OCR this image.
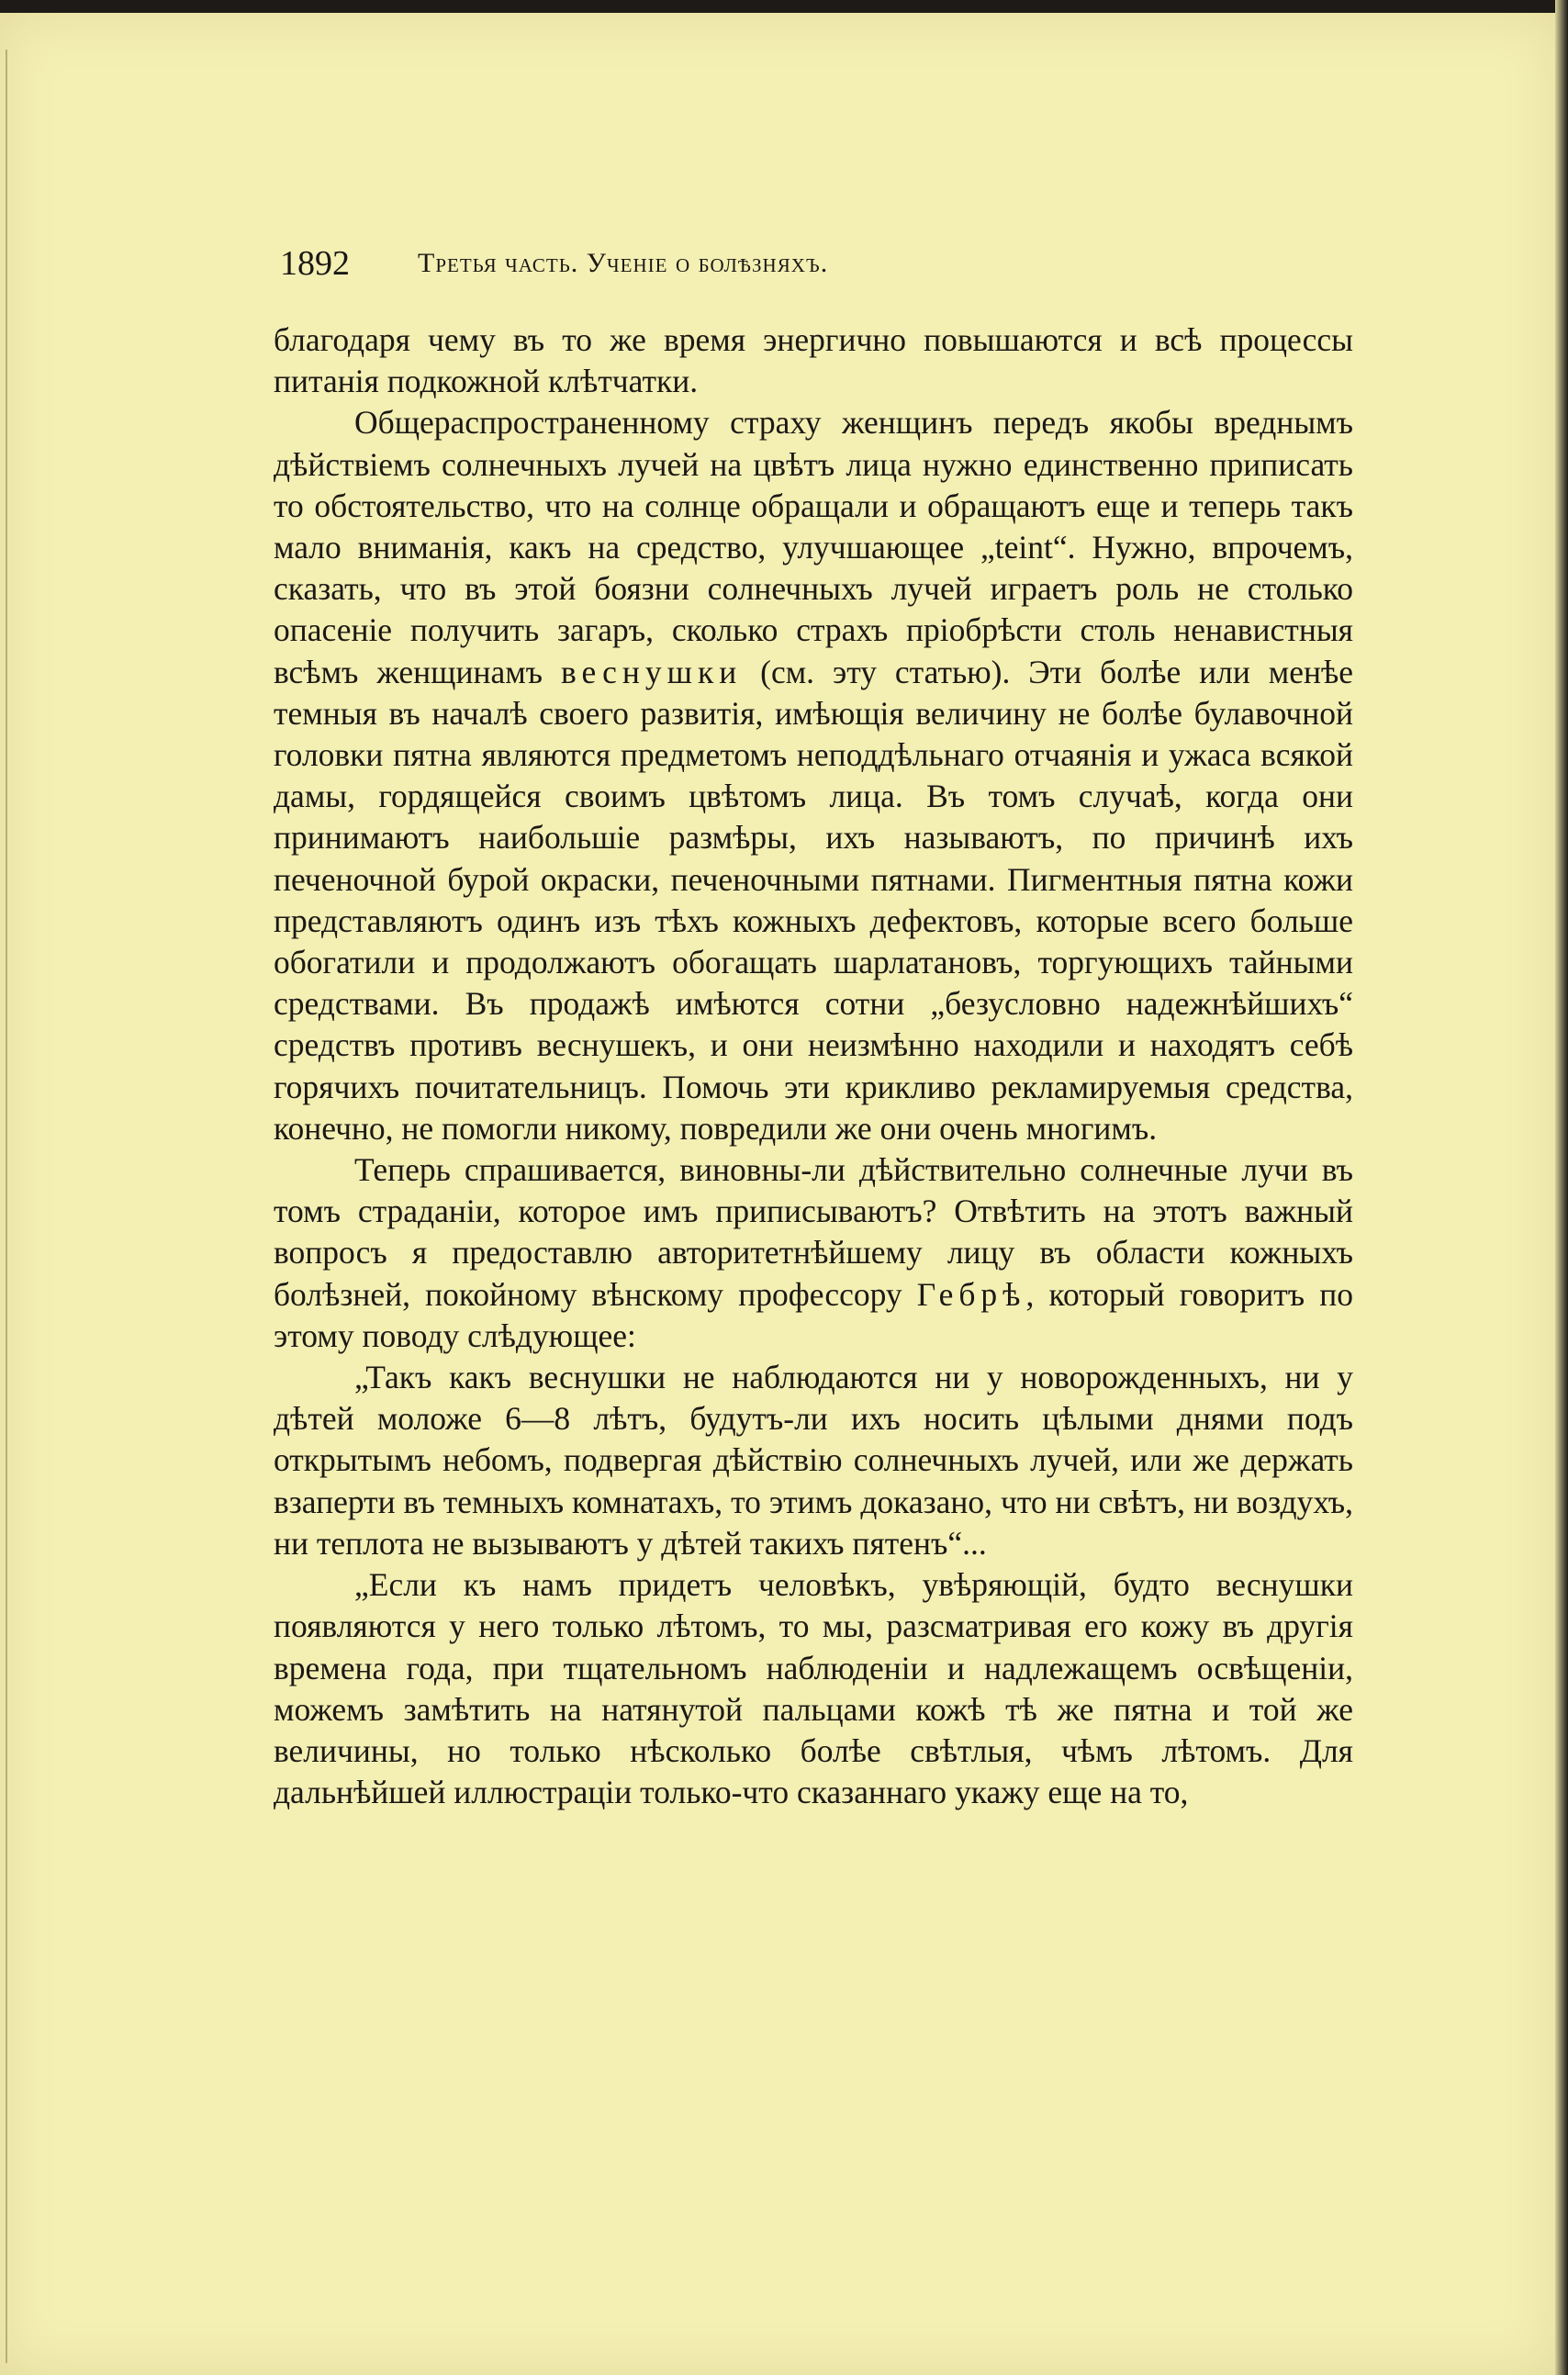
1892 Третья часть. Ученіе о болѣзняхъ.

благодаря чему въ то же время энергично повышаются и всѣ процессы питанія подкожной клѣтчатки.

Общераспространенному страху женщинъ передъ якобы вреднымъ дѣйствіемъ солнечныхъ лучей на цвѣтъ лица нужно единственно приписать то обстоятельство, что на солнце обращали и обращаютъ еще и теперь такъ мало вниманія, какъ на средство, улучшающее „teint“. Нужно, впрочемъ, сказать, что въ этой боязни солнечныхъ лучей играетъ роль не столько опасеніе получить загаръ, сколько страхъ пріобрѣсти столь ненавистныя всѣмъ женщинамъ веснушки (см. эту статью). Эти болѣе или менѣе темныя въ началѣ своего развитія, имѣющія величину не болѣе булавочной головки пятна являются предметомъ неподдѣльнаго отчаянія и ужаса всякой дамы, гордящейся своимъ цвѣтомъ лица. Въ томъ случаѣ, когда они принимаютъ наибольшіе размѣры, ихъ называютъ, по причинѣ ихъ печеночной бурой окраски, печеночными пятнами. Пигментныя пятна кожи представляютъ одинъ изъ тѣхъ кожныхъ дефектовъ, которые всего больше обогатили и продолжаютъ обогащать шарлатановъ, торгующихъ тайными средствами. Въ продажѣ имѣются сотни „безусловно надежнѣйшихъ“ средствъ противъ веснушекъ, и они неизмѣнно находили и находятъ себѣ горячихъ почитательницъ. Помочь эти крикливо рекламируемыя средства, конечно, не помогли никому, повредили же они очень многимъ.

Теперь спрашивается, виновны-ли дѣйствительно солнечные лучи въ томъ страданіи, которое имъ приписываютъ? Отвѣтить на этотъ важный вопросъ я предоставлю авторитетнѣйшему лицу въ области кожныхъ болѣзней, покойному вѣнскому профессору Гебрѣ, который говоритъ по этому поводу слѣдующее:

„Такъ какъ веснушки не наблюдаются ни у новорожденныхъ, ни у дѣтей моложе 6—8 лѣтъ, будутъ-ли ихъ носить цѣлыми днями подъ открытымъ небомъ, подвергая дѣйствію солнечныхъ лучей, или же держать взаперти въ темныхъ комнатахъ, то этимъ доказано, что ни свѣтъ, ни воздухъ, ни теплота не вызываютъ у дѣтей такихъ пятенъ“...

„Если къ намъ придетъ человѣкъ, увѣряющій, будто веснушки появляются у него только лѣтомъ, то мы, разсматривая его кожу въ другія времена года, при тщательномъ наблюденіи и надлежащемъ освѣщеніи, можемъ замѣтить на натянутой пальцами кожѣ тѣ же пятна и той же величины, но только нѣсколько болѣе свѣтлыя, чѣмъ лѣтомъ. Для дальнѣйшей иллюстраціи только-что сказаннаго укажу еще на то,
